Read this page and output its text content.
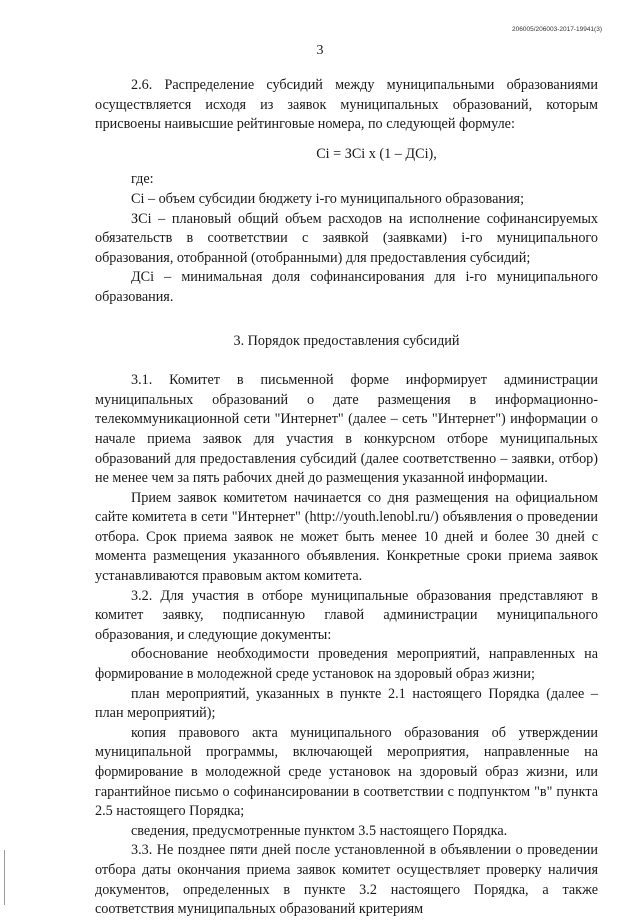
206005/206003-2017-19941(3)
3

2.6. Распределение субсидий между муниципальными образованиями осуществляется исходя из заявок муниципальных образований, которым присвоены наивысшие рейтинговые номера, по следующей формуле:

Сi = ЗСi x (1 – ДСi),

где:

Сi – объем субсидии бюджету i-го муниципального образования;

ЗСi – плановый общий объем расходов на исполнение софинансируемых обязательств в соответствии с заявкой (заявками) i-го муниципального образования, отобранной (отобранными) для предоставления субсидий;

ДСi – минимальная доля софинансирования для i-го муниципального образования.

3. Порядок предоставления субсидий

3.1. Комитет в письменной форме информирует администрации муниципальных образований о дате размещения в информационно-телекоммуникационной сети "Интернет" (далее – сеть "Интернет") информации о начале приема заявок для участия в конкурсном отборе муниципальных образований для предоставления субсидий (далее соответственно – заявки, отбор) не менее чем за пять рабочих дней до размещения указанной информации.

Прием заявок комитетом начинается со дня размещения на официальном сайте комитета в сети "Интернет" (http://youth.lenobl.ru/) объявления о проведении отбора. Срок приема заявок не может быть менее 10 дней и более 30 дней с момента размещения указанного объявления. Конкретные сроки приема заявок устанавливаются правовым актом комитета.

3.2. Для участия в отборе муниципальные образования представляют в комитет заявку, подписанную главой администрации муниципального образования, и следующие документы:

обоснование необходимости проведения мероприятий, направленных на формирование в молодежной среде установок на здоровый образ жизни;

план мероприятий, указанных в пункте 2.1 настоящего Порядка (далее – план мероприятий);

копия правового акта муниципального образования об утверждении муниципальной программы, включающей мероприятия, направленные на формирование в молодежной среде установок на здоровый образ жизни, или гарантийное письмо о софинансировании в соответствии с подпунктом "в" пункта 2.5 настоящего Порядка;

сведения, предусмотренные пунктом 3.5 настоящего Порядка.

3.3. Не позднее пяти дней после установленной в объявлении о проведении отбора даты окончания приема заявок комитет осуществляет проверку наличия документов, определенных в пункте 3.2 настоящего Порядка, а также соответствия муниципальных образований критериям
